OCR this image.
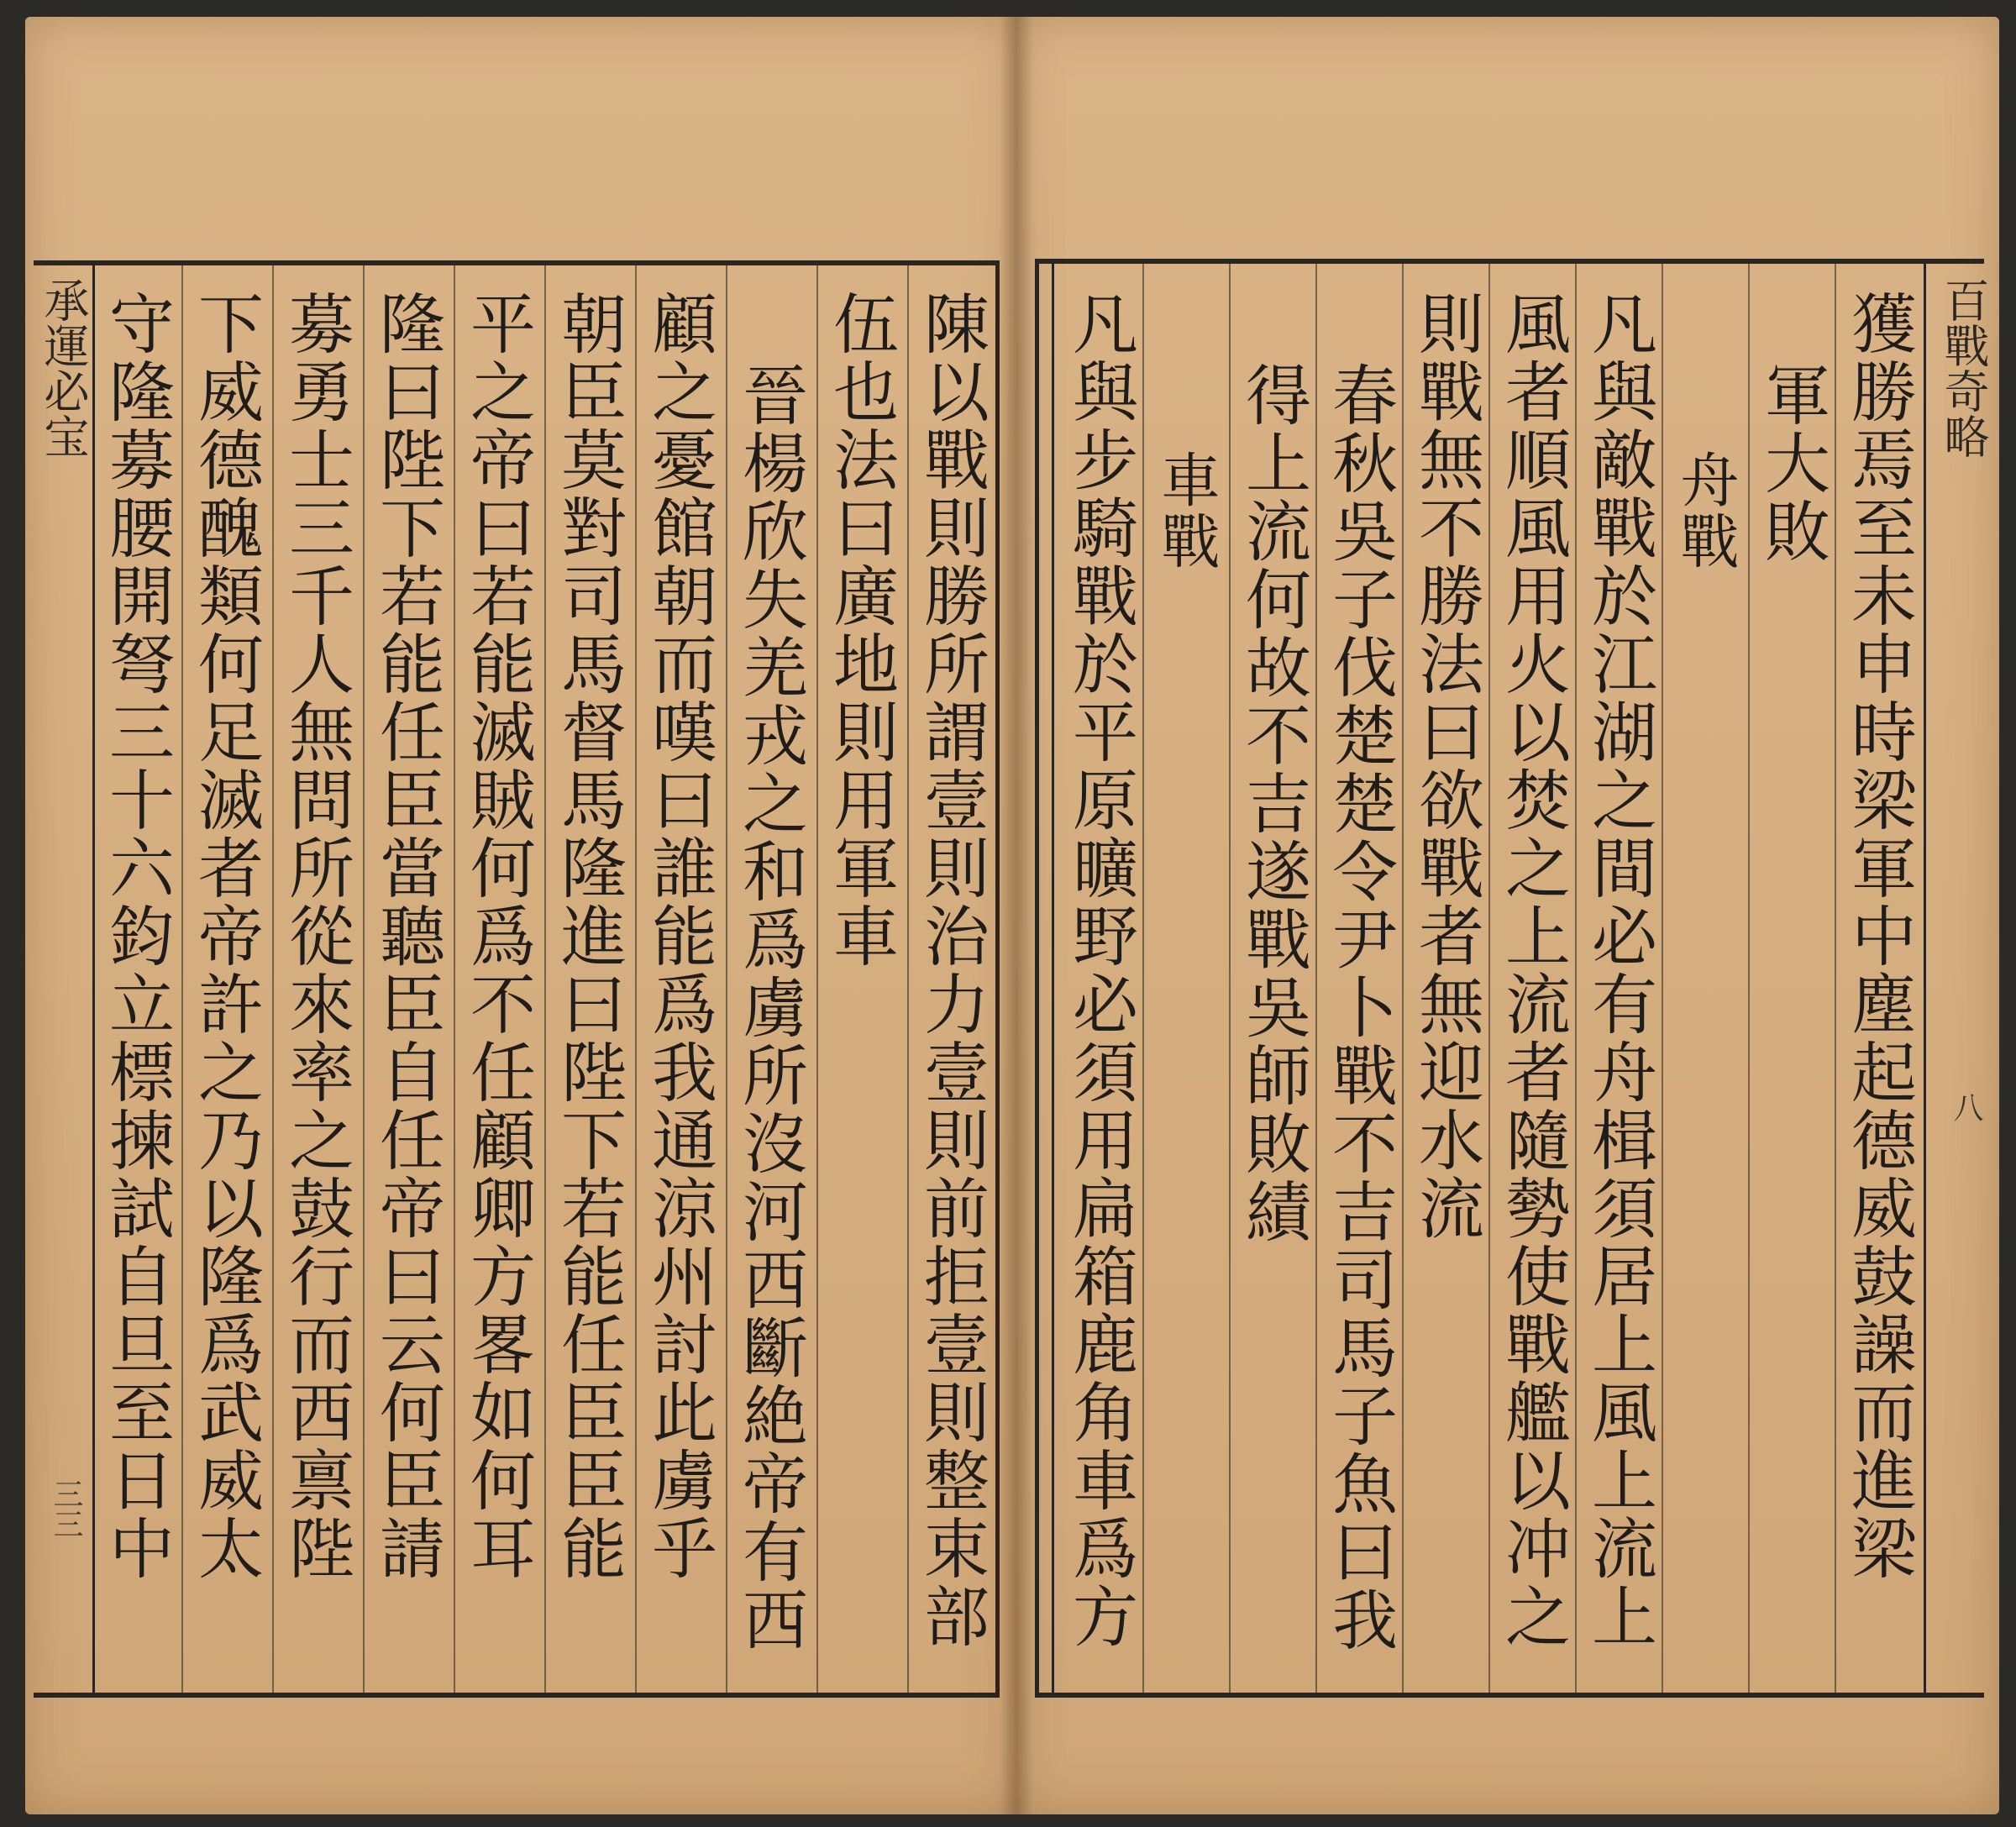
陳以戰則勝所謂壹則治力壹則前拒壹則整束部
伍也法曰廣地則用軍車
晉楊欣失羌戎之和爲虜所沒河西斷絶帝有西
顧之憂館朝而嘆曰誰能爲我通涼州討此虜乎
朝臣莫對司馬督馬隆進曰陛下若能任臣臣能
平之帝曰若能滅賊何爲不任顧卿方畧如何耳
隆曰陛下若能任臣當聽臣自任帝曰云何臣請
募勇士三千人無問所從來率之鼓行而西禀陛
下威德醜類何足滅者帝許之乃以隆爲武威太
守隆募腰開弩三十六鈞立標揀試自旦至日中
承運必宝
三三	獲勝焉至未申時梁軍中塵起德威鼓譟而進梁
軍大敗
舟戰
凡與敵戰於江湖之間必有舟楫須居上風上流上
風者順風用火以焚之上流者隨勢使戰艦以冲之
則戰無不勝法曰欲戰者無迎水流
春秋吳子伐楚楚令尹卜戰不吉司馬子魚曰我
得上流何故不吉遂戰吳師敗績
車戰
凡與步騎戰於平原曠野必須用扁箱鹿角車爲方	百戰奇略
八
